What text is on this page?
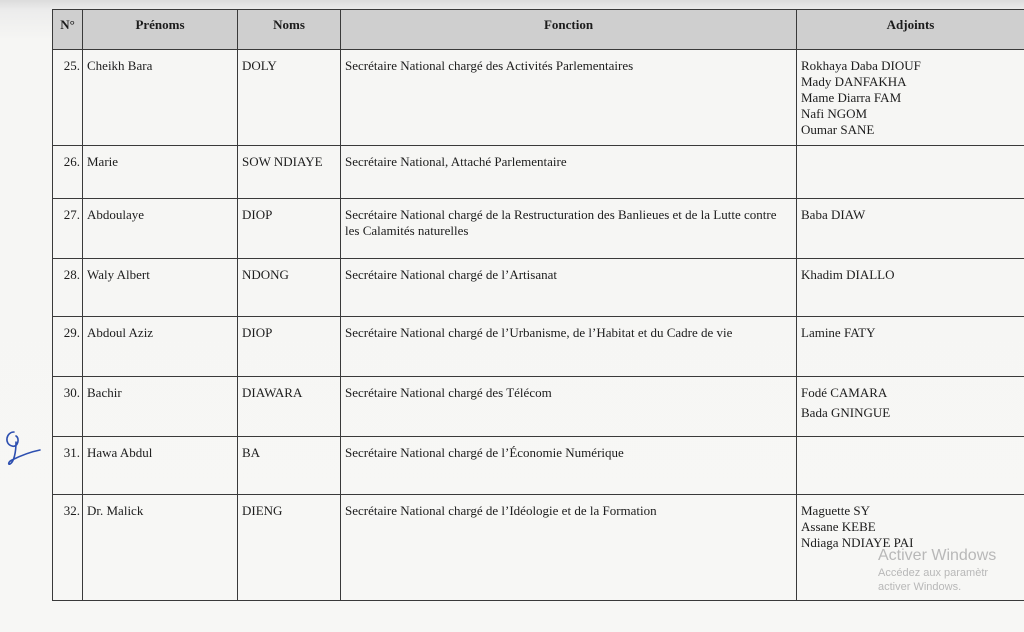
N°	Prénoms	Noms	Fonction	Adjoints
25.	Cheikh Bara	DOLY	Secrétaire National chargé des Activités Parlementaires	Rokhaya Daba DIOUF
Mady DANFAKHA
Mame Diarra FAM
Nafi NGOM
Oumar SANE

26.	Marie	SOW NDIAYE	Secrétaire National, Attaché Parlementaire	
27.	Abdoulaye	DIOP	Secrétaire National chargé de la Restructuration des Banlieues et de la Lutte contre les Calamités naturelles	Baba DIAW

28.	Waly Albert	NDONG	Secrétaire National chargé de l’Artisanat	Khadim DIALLO

29.	Abdoul Aziz	DIOP	Secrétaire National chargé de l’Urbanisme, de l’Habitat et du Cadre de vie	Lamine FATY

30.	Bachir	DIAWARA	Secrétaire National chargé des Télécom	Fodé CAMARA
Bada GNINGUE

31.	Hawa Abdul	BA	Secrétaire National chargé de l’Économie Numérique	
32.	Dr. Malick	DIENG	Secrétaire National chargé de l’Idéologie et de la Formation	Maguette SY
Assane KEBE
Ndiaga NDIAYE PAI
Activer Windows
Accédez aux paramètr
activer Windows.
